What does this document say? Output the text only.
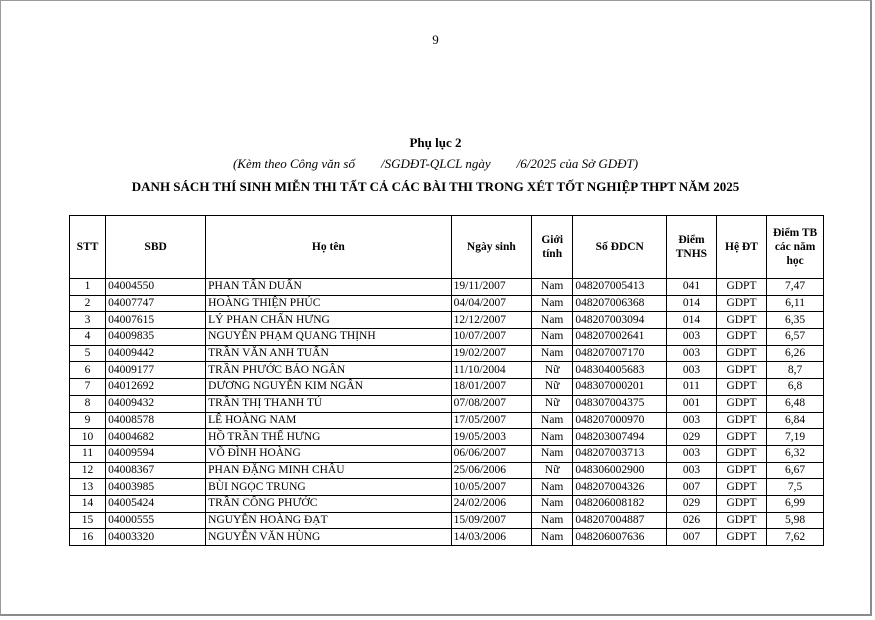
9
Phụ lục 2
(Kèm theo Công văn số        /SGDĐT-QLCL ngày        /6/2025 của Sở GDĐT)
DANH SÁCH THÍ SINH MIỄN THI TẤT CẢ CÁC BÀI THI TRONG XÉT TỐT NGHIỆP THPT NĂM 2025
STT	SBD	Họ tên	Ngày sinh	Giới tính	Số ĐDCN	Điểm TNHS	Hệ ĐT	Điểm TB các năm học
1	04004550	PHAN TẤN DUẨN	19/11/2007	Nam	048207005413	041	GDPT	7,47
2	04007747	HOÀNG THIỆN PHÚC	04/04/2007	Nam	048207006368	014	GDPT	6,11
3	04007615	LÝ PHAN CHẤN HƯNG	12/12/2007	Nam	048207003094	014	GDPT	6,35
4	04009835	NGUYỄN PHẠM QUANG THỊNH	10/07/2007	Nam	048207002641	003	GDPT	6,57
5	04009442	TRẦN VĂN ANH TUẤN	19/02/2007	Nam	048207007170	003	GDPT	6,26
6	04009177	TRẦN PHƯỚC BẢO NGÂN	11/10/2004	Nữ	048304005683	003	GDPT	8,7
7	04012692	DƯƠNG NGUYỄN KIM NGÂN	18/01/2007	Nữ	048307000201	011	GDPT	6,8
8	04009432	TRẦN THỊ THANH TÚ	07/08/2007	Nữ	048307004375	001	GDPT	6,48
9	04008578	LÊ HOÀNG NAM	17/05/2007	Nam	048207000970	003	GDPT	6,84
10	04004682	HỒ TRẦN THẾ HƯNG	19/05/2003	Nam	048203007494	029	GDPT	7,19
11	04009594	VÕ ĐÌNH HOÀNG	06/06/2007	Nam	048207003713	003	GDPT	6,32
12	04008367	PHAN ĐẶNG MINH CHÂU	25/06/2006	Nữ	048306002900	003	GDPT	6,67
13	04003985	BÙI NGỌC TRUNG	10/05/2007	Nam	048207004326	007	GDPT	7,5
14	04005424	TRẦN CÔNG PHƯỚC	24/02/2006	Nam	048206008182	029	GDPT	6,99
15	04000555	NGUYỄN HOÀNG ĐẠT	15/09/2007	Nam	048207004887	026	GDPT	5,98
16	04003320	NGUYỄN VĂN HÙNG	14/03/2006	Nam	048206007636	007	GDPT	7,62
